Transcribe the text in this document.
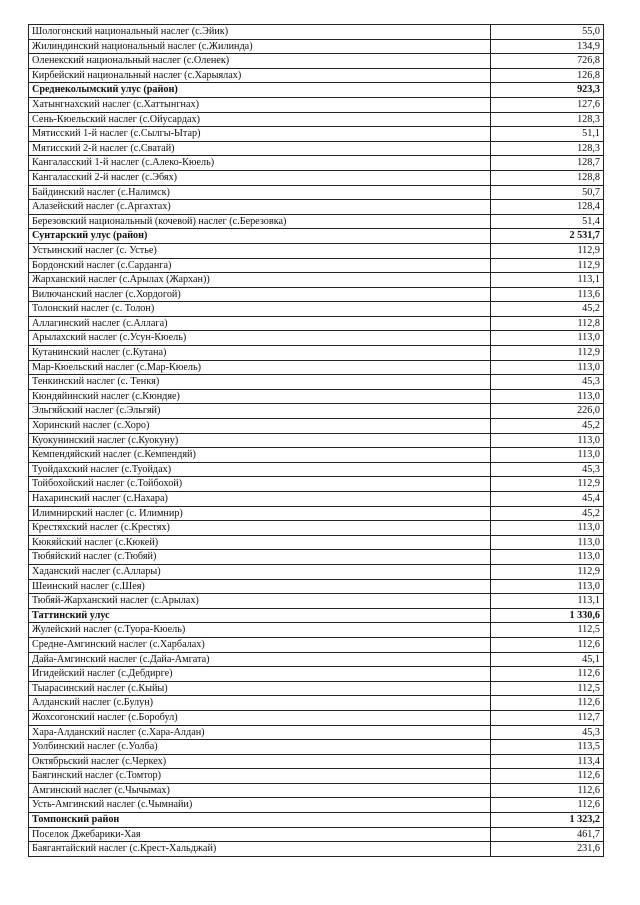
Шологонский национальный наслег (с.Эйик)	55,0
Жилиндинский национальный наслег (с.Жилинда)	134,9
Оленекский национальный наслег (с.Оленек)	726,8
Кирбейский национальный наслег (с.Харыялах)	126,8
Среднеколымский улус (район)	923,3
Хатынгнахский наслег (с.Хаттынгнах)	127,6
Сень-Кюельский наслег (с.Ойусардах)	128,3
Мятисский 1-й наслег (с.Сылгы-Ытар)	51,1
Мятисский 2-й наслег (с.Сватай)	128,3
Кангаласский 1-й наслег (с.Алеко-Кюель)	128,7
Кангаласский 2-й наслег (с.Эбях)	128,8
Байдинский наслег (с.Налимск)	50,7
Алазейский наслег (с.Аргахтах)	128,4
Березовский национальный (кочевой) наслег (с.Березовка)	51,4
Сунтарский улус (район)	2 531,7
Устьинский наслег (с. Устье)	112,9
Бордонский наслег (с.Сарданга)	112,9
Жарханский наслег (с.Арылах (Жархан))	113,1
Вилючанский наслег (с.Хордогой)	113,6
Толонский наслег (с. Толон)	45,2
Аллагинский наслег (с.Аллага)	112,8
Арылахский наслег (с.Усун-Кюель)	113,0
Кутанинский наслег (с.Кутана)	112,9
Мар-Кюельский наслег (с.Мар-Кюель)	113,0
Тенкинский наслег (с. Тенкя)	45,3
Кюндяйинский наслег (с.Кюндяе)	113,0
Эльгяйский наслег (с.Эльгяй)	226,0
Хоринский наслег (с.Хоро)	45,2
Куокунинский наслег (с.Куокуну)	113,0
Кемпендяйский наслег (с.Кемпендяй)	113,0
Туойдахский наслег (с.Туойдах)	45,3
Тойбохойский наслег (с.Тойбохой)	112,9
Нахаринский наслег (с.Нахара)	45,4
Илимнирский наслег (с. Илимнир)	45,2
Крестяхский наслег (с.Крестях)	113,0
Кюкяйский наслег (с.Кюкей)	113,0
Тюбяйский наслег (с.Тюбяй)	113,0
Хаданский наслег (с.Аллары)	112,9
Шеинский наслег (с.Шея)	113,0
Тюбяй-Жарханский наслег (с.Арылах)	113,1
Таттинский улус	1 330,6
Жулейский наслег (с.Туора-Кюель)	112,5
Средне-Амгинский наслег (с.Харбалах)	112,6
Дайа-Амгинский наслег (с.Дайа-Амгата)	45,1
Игидейский наслег (с.Дебдирге)	112,6
Тыарасинский наслег (с.Кыйы)	112,5
Алданский наслег (с.Булун)	112,6
Жохсогонский наслег (с.Боробул)	112,7
Хара-Алданский наслег (с.Хара-Алдан)	45,3
Уолбинский наслег (с.Уолба)	113,5
Октябрьский наслег (с.Черкех)	113,4
Баягинский наслег (с.Томтор)	112,6
Амгинский наслег (с.Чычымах)	112,6
Усть-Амгинский наслег (с.Чымнайи)	112,6
Томпонский район	1 323,2
Поселок Джебарики-Хая	461,7
Баягантайский наслег (с.Крест-Хальджай)	231,6
